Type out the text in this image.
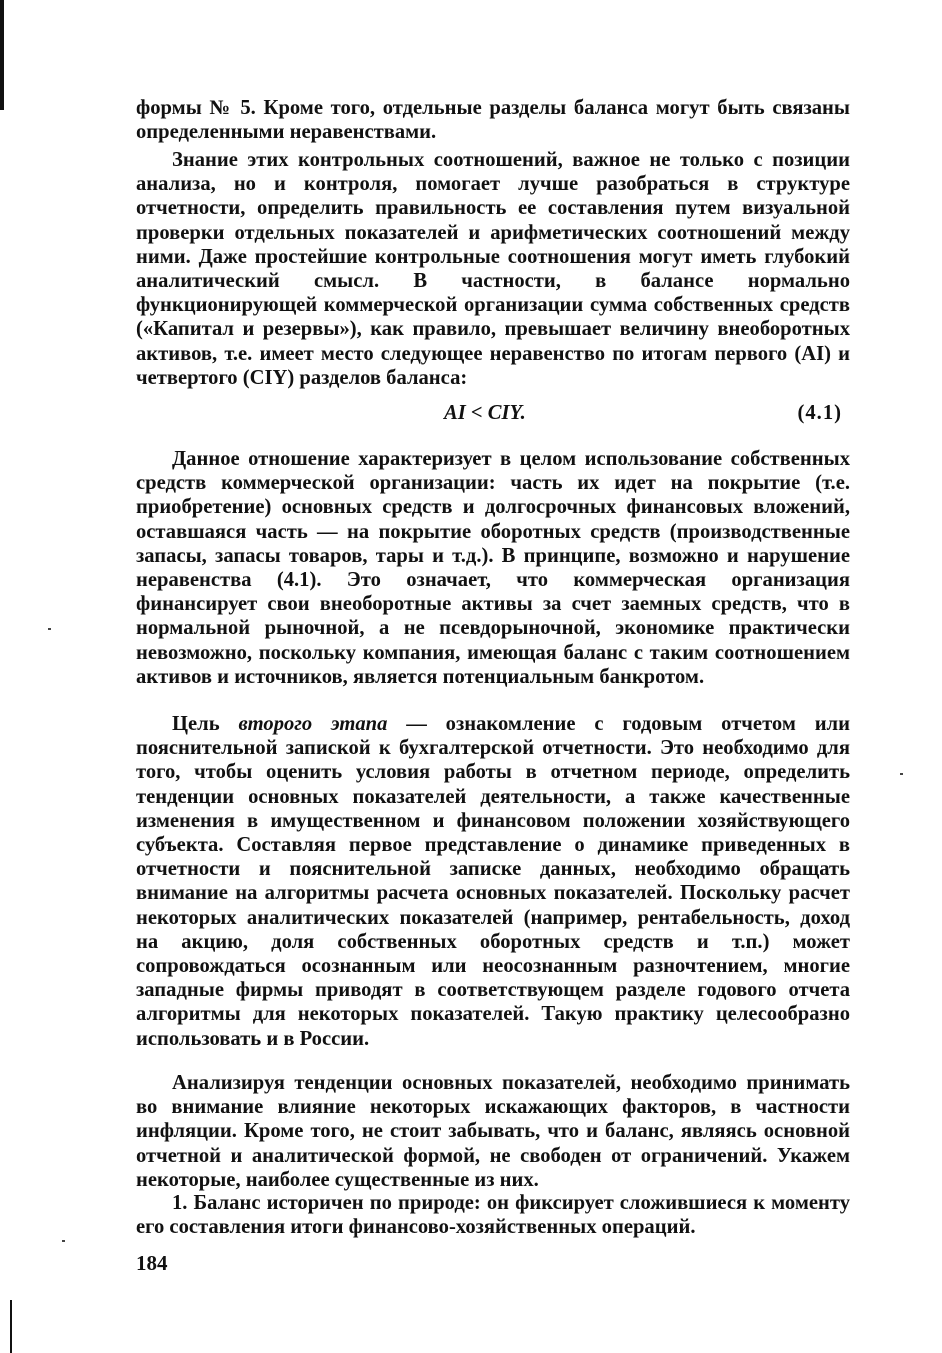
формы № 5. Кроме того, отдельные разделы баланса могут быть связаны определенными неравенствами.

Знание этих контрольных соотношений, важное не только с позиции анализа, но и контроля, помогает лучше разобраться в структуре отчетности, определить правильность ее составления путем визуальной проверки отдельных показателей и арифметических соотношений между ними. Даже простейшие контрольные соотношения могут иметь глубокий аналитический смысл. В частности, в балансе нормально функционирующей коммерческой организации сумма собственных средств («Капитал и резервы»), как правило, превышает величину внеоборотных активов, т.е. имеет место следующее неравенство по итогам первого (AI) и четвертого (CIY) разделов баланса:

AI < CIY.	(4.1)

Данное отношение характеризует в целом использование собственных средств коммерческой организации: часть их идет на покрытие (т.е. приобретение) основных средств и долгосрочных финансовых вложений, оставшаяся часть — на покрытие оборотных средств (производственные запасы, запасы товаров, тары и т.д.). В принципе, возможно и нарушение неравенства (4.1). Это означает, что коммерческая организация финансирует свои внеоборотные активы за счет заемных средств, что в нормальной рыночной, а не псевдорыночной, экономике практически невозможно, поскольку компания, имеющая баланс с таким соотношением активов и источников, является потенциальным банкротом.

Цель второго этапа — ознакомление с годовым отчетом или пояснительной запиской к бухгалтерской отчетности. Это необходимо для того, чтобы оценить условия работы в отчетном периоде, определить тенденции основных показателей деятельности, а также качественные изменения в имущественном и финансовом положении хозяйствующего субъекта. Составляя первое представление о динамике приведенных в отчетности и пояснительной записке данных, необходимо обращать внимание на алгоритмы расчета основных показателей. Поскольку расчет некоторых аналитических показателей (например, рентабельность, доход на акцию, доля собственных оборотных средств и т.п.) может сопровождаться осознанным или неосознанным разночтением, многие западные фирмы приводят в соответствующем разделе годового отчета алгоритмы для некоторых показателей. Такую практику целесообразно использовать и в России.

Анализируя тенденции основных показателей, необходимо принимать во внимание влияние некоторых искажающих факторов, в частности инфляции. Кроме того, не стоит забывать, что и баланс, являясь основной отчетной и аналитической формой, не свободен от ограничений. Укажем некоторые, наиболее существенные из них.

1. Баланс историчен по природе: он фиксирует сложившиеся к моменту его составления итоги финансово-хозяйственных операций.

184
